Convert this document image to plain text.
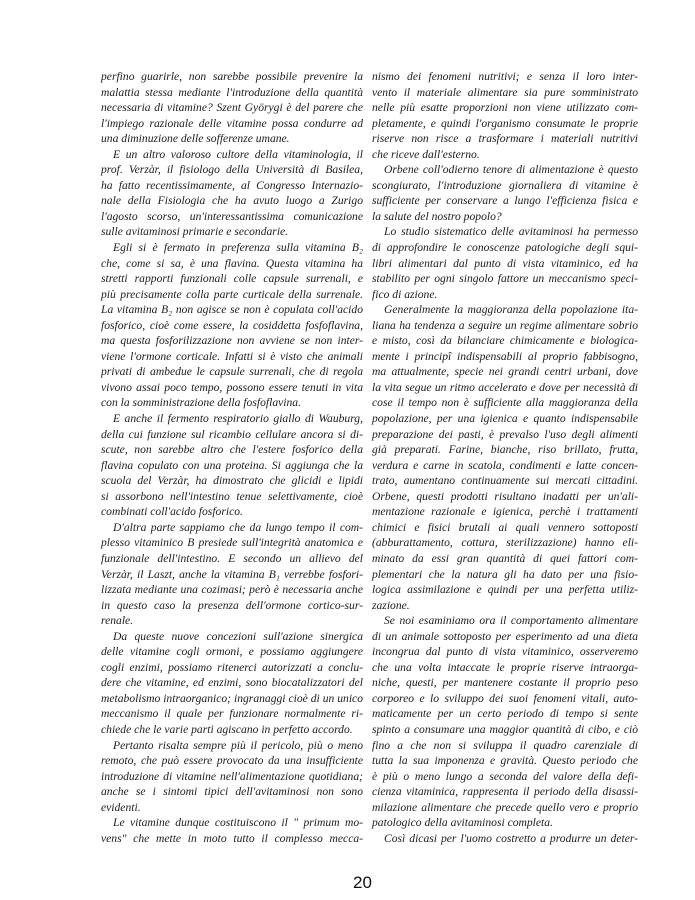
perfino guarirle, non sarebbe possibile prevenire la
malattia stessa mediante l'introduzione della quantità
necessaria di vitamine? Szent Györygi è del parere che
l'impiego razionale delle vitamine possa condurre ad
una diminuzione delle sofferenze umane.
E un altro valoroso cultore della vitaminologia, il
prof. Verzàr, il fisiologo della Università di Basilea,
ha fatto recentissimamente, al Congresso Internazio-
nale della Fisiologia che ha avuto luogo a Zurigo
l'agosto scorso, un'interessantissima comunicazione
sulle avitaminosi primarie e secondarie.
Egli si è fermato in preferenza sulla vitamina B₂
che, come si sa, è una flavina. Questa vitamina ha
stretti rapporti funzionali colle capsule surrenali, e
più precisamente colla parte curticale della surrenale.
La vitamina B₂ non agisce se non è copulata coll'acido
fosforico, cioè come essere, la cosiddetta fosfoflavina,
ma questa fosforilizzazione non avviene se non inter-
viene l'ormone corticale. Infatti si è visto che animali
privati di ambedue le capsule surrenali, che di regola
vivono assai poco tempo, possono essere tenuti in vita
con la somministrazione della fosfoflavina.
E anche il fermento respiratorio giallo di Wauburg,
della cui funzione sul ricambio cellulare ancora si di-
scute, non sarebbe altro che l'estere fosforico della
flavina copulato con una proteina. Si aggiunga che la
scuola del Verzàr, ha dimostrato che glicidi e lipidi
si assorbono nell'intestino tenue selettivamente, cioè
combinati coll'acido fosforico.
D'altra parte sappiamo che da lungo tempo il com-
plesso vitaminico B presiede sull'integrità anatomica e
funzionale dell'intestino. E secondo un allievo del
Verzàr, il Laszt, anche la vitamina B₁ verrebbe fosfori-
lizzata mediante una cozimasi; però è necessaria anche
in questo caso la presenza dell'ormone cortico-sur-
renale.
Da queste nuove concezioni sull'azione sinergica
delle vitamine cogli ormoni, e possiamo aggiungere
cogli enzimi, possiamo ritenerci autorizzati a conclu-
dere che vitamine, ed enzimi, sono biocatalizzatori del
metabolismo intraorganico; ingranaggi cioè di un unico
meccanismo il quale per funzionare normalmente ri-
chiede che le varie parti agiscano in perfetto accordo.
Pertanto risalta sempre più il pericolo, più o meno
remoto, che può essere provocato da una insufficiente
introduzione di vitamine nell'alimentazione quotidiana;
anche se i sintomi tipici dell'avitaminosi non sono
evidenti.
Le vitamine dunque costituiscono il " primum mo-
vens" che mette in moto tutto il complesso mecca-
nismo dei fenomeni nutritivi; e senza il loro inter-
vento il materiale alimentare sia pure somministrato
nelle più esatte proporzioni non viene utilizzato com-
pletamente, e quindi l'organismo consumate le proprie
riserve non risce a trasformare i materiali nutritivi
che riceve dall'esterno.
Orbene coll'odierno tenore di alimentazione è questo
scongiurato, l'introduzione giornaliera di vitamine è
sufficiente per conservare a lungo l'efficienza fisica e
la salute del nostro popolo?
Lo studio sistematico delle avitaminosi ha permesso
di approfondire le conoscenze patologiche degli squi-
libri alimentari dal punto di vista vitaminico, ed ha
stabilito per ogni singolo fattore un meccanismo speci-
fico di azione.
Generalmente la maggioranza della popolazione ita-
liana ha tendenza a seguire un regime alimentare sobrio
e misto, così da bilanciare chimicamente e biologica-
mente i principî indispensabili al proprio fabbisogno,
ma attualmente, specie nei grandi centri urbani, dove
la vita segue un ritmo accelerato e dove per necessità di
cose il tempo non è sufficiente alla maggioranza della
popolazione, per una igienica e quanto indispensabile
preparazione dei pasti, è prevalso l'uso degli alimenti
già preparati. Farine, bianche, riso brillato, frutta,
verdura e carne in scatola, condimenti e latte concen-
trato, aumentano continuamente sui mercati cittadini.
Orbene, questi prodotti risultano inadatti per un'ali-
mentazione razionale e igienica, perchè i trattamenti
chimici e fisici brutali ai quali vennero sottoposti
(abburattamento, cottura, sterilizzazione) hanno eli-
minato da essi gran quantità di quei fattori com-
plementari che la natura gli ha dato per una fisio-
logica assimilazione e quindi per una perfetta utiliz-
zazione.
Se noi esaminiamo ora il comportamento alimentare
di un animale sottoposto per esperimento ad una dieta
incongrua dal punto di vista vitaminico, osserveremo
che una volta intaccate le proprie riserve intraorga-
niche, questi, per mantenere costante il proprio peso
corporeo e lo sviluppo dei suoi fenomeni vitali, auto-
maticamente per un certo periodo di tempo si sente
spinto a consumare una maggior quantità di cibo, e ciò
fino a che non si sviluppa il quadro carenziale di
tutta la sua imponenza e gravità. Questo periodo che
è più o meno lungo a seconda del valore della defi-
cienza vitaminica, rappresenta il periodo della disassi-
milazione alimentare che precede quello vero e proprio
patologico della avitaminosi completa.
Così dicasi per l'uomo costretto a produrre un deter-
20
